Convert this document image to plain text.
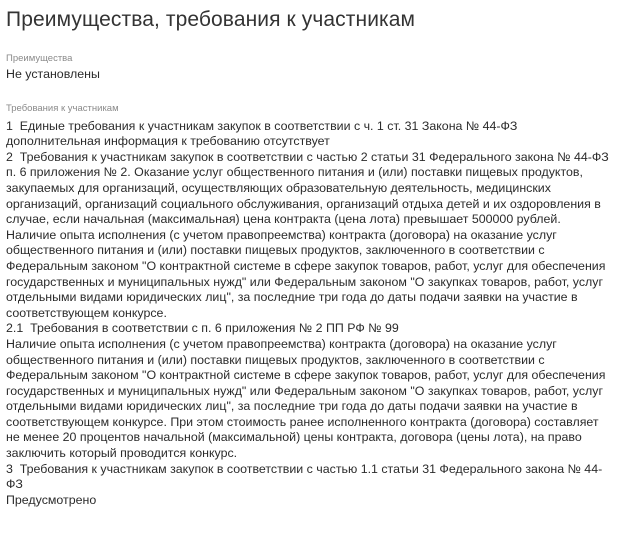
Преимущества, требования к участникам

Преимущества

Не установлены

Требования к участникам

1  Единые требования к участникам закупок в соответствии с ч. 1 ст. 31 Закона № 44-ФЗ
дополнительная информация к требованию отсутствует
2  Требования к участникам закупок в соответствии с частью 2 статьи 31 Федерального закона № 44-ФЗ
п. 6 приложения № 2. Оказание услуг общественного питания и (или) поставки пищевых продуктов, закупаемых для организаций, осуществляющих образовательную деятельность, медицинских организаций, организаций социального обслуживания, организаций отдыха детей и их оздоровления в случае, если начальная (максимальная) цена контракта (цена лота) превышает 500000 рублей. Наличие опыта исполнения (с учетом правопреемства) контракта (договора) на оказание услуг общественного питания и (или) поставки пищевых продуктов, заключенного в соответствии с Федеральным законом "О контрактной системе в сфере закупок товаров, работ, услуг для обеспечения государственных и муниципальных нужд" или Федеральным законом "О закупках товаров, работ, услуг отдельными видами юридических лиц", за последние три года до даты подачи заявки на участие в соответствующем конкурсе.
2.1  Требования в соответствии с п. 6 приложения № 2 ПП РФ № 99
Наличие опыта исполнения (с учетом правопреемства) контракта (договора) на оказание услуг общественного питания и (или) поставки пищевых продуктов, заключенного в соответствии с Федеральным законом "О контрактной системе в сфере закупок товаров, работ, услуг для обеспечения государственных и муниципальных нужд" или Федеральным законом "О закупках товаров, работ, услуг отдельными видами юридических лиц", за последние три года до даты подачи заявки на участие в соответствующем конкурсе. При этом стоимость ранее исполненного контракта (договора) составляет не менее 20 процентов начальной (максимальной) цены контракта, договора (цены лота), на право заключить который проводится конкурс.
3  Требования к участникам закупок в соответствии с частью 1.1 статьи 31 Федерального закона № 44-ФЗ
Предусмотрено
